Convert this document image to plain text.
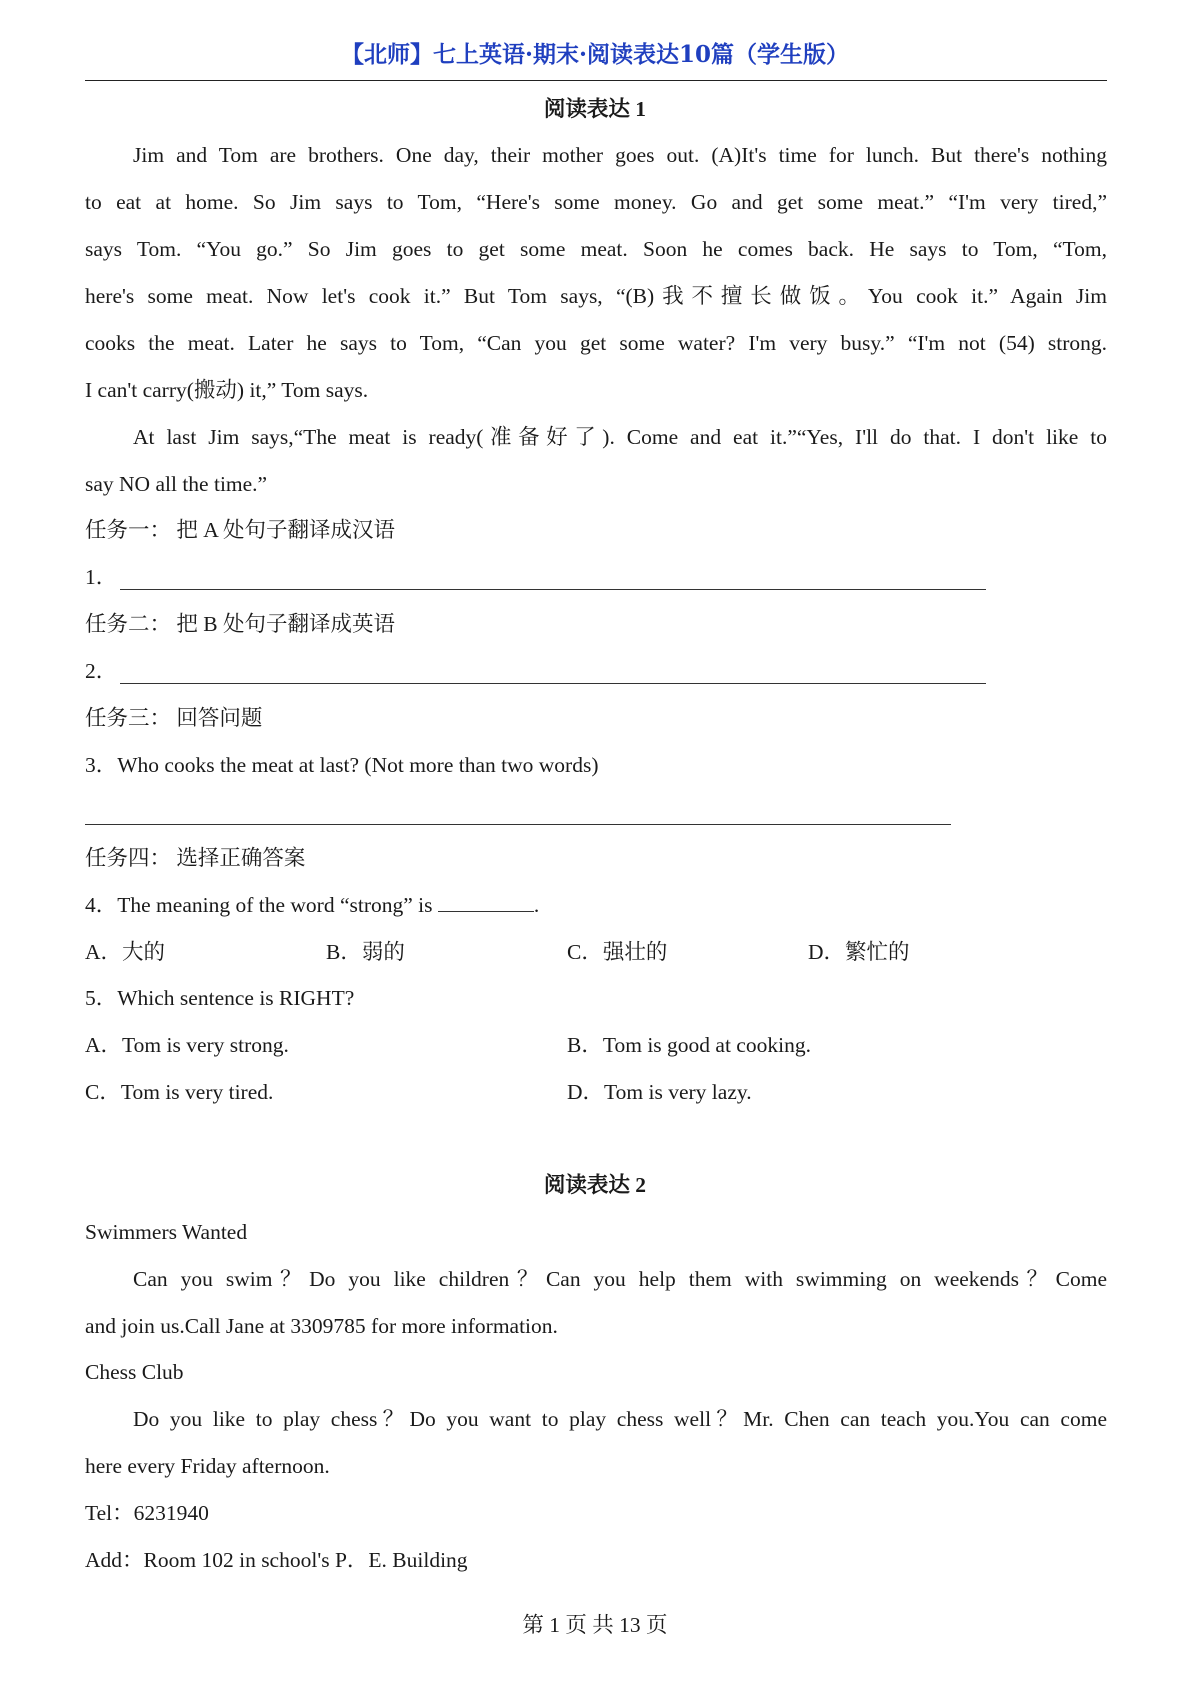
【北师】七上英语·期末·阅读表达10篇（学生版）
阅读表达 1
Jim and Tom are brothers. One day, their mother goes out. (A)It's time for lunch. But there's nothing
to eat at home. So Jim says to Tom, “Here's some money. Go and get some meat.” “I'm very tired,”
says Tom. “You go.” So Jim goes to get some meat. Soon he comes back. He says to Tom, “Tom,
here's some meat. Now let's cook it.” But Tom says, “(B)我不擅长做饭。You cook it.” Again Jim
cooks the meat. Later he says to Tom, “Can you get some water? I'm very busy.” “I'm not (54) strong.
I can't carry(搬动) it,” Tom says.
At last Jim says,“The meat is ready(准备好了). Come and eat it.”“Yes, I'll do that. I don't like to
say NO all the time.”
任务一： 把 A 处句子翻译成汉语
1．
任务二： 把 B 处句子翻译成英语
2．
任务三： 回答问题
3．Who cooks the meat at last? (Not more than two words)
任务四： 选择正确答案
4．The meaning of the word “strong” is	.
A．大的	B．弱的	C．强壮的	D．繁忙的
5．Which sentence is RIGHT?
A．Tom is very strong.	B．Tom is good at cooking.
C．Tom is very tired.	D．Tom is very lazy.
阅读表达 2
Swimmers Wanted
Can you swim？Do you like children？Can you help them with swimming on weekends？Come
and join us.Call Jane at 3309785 for more information.
Chess Club
Do you like to play chess？Do you want to play chess well？Mr. Chen can teach you.You can come
here every Friday afternoon.
Tel：6231940
Add：Room 102 in school's P．E. Building
第 1 页 共 13 页
